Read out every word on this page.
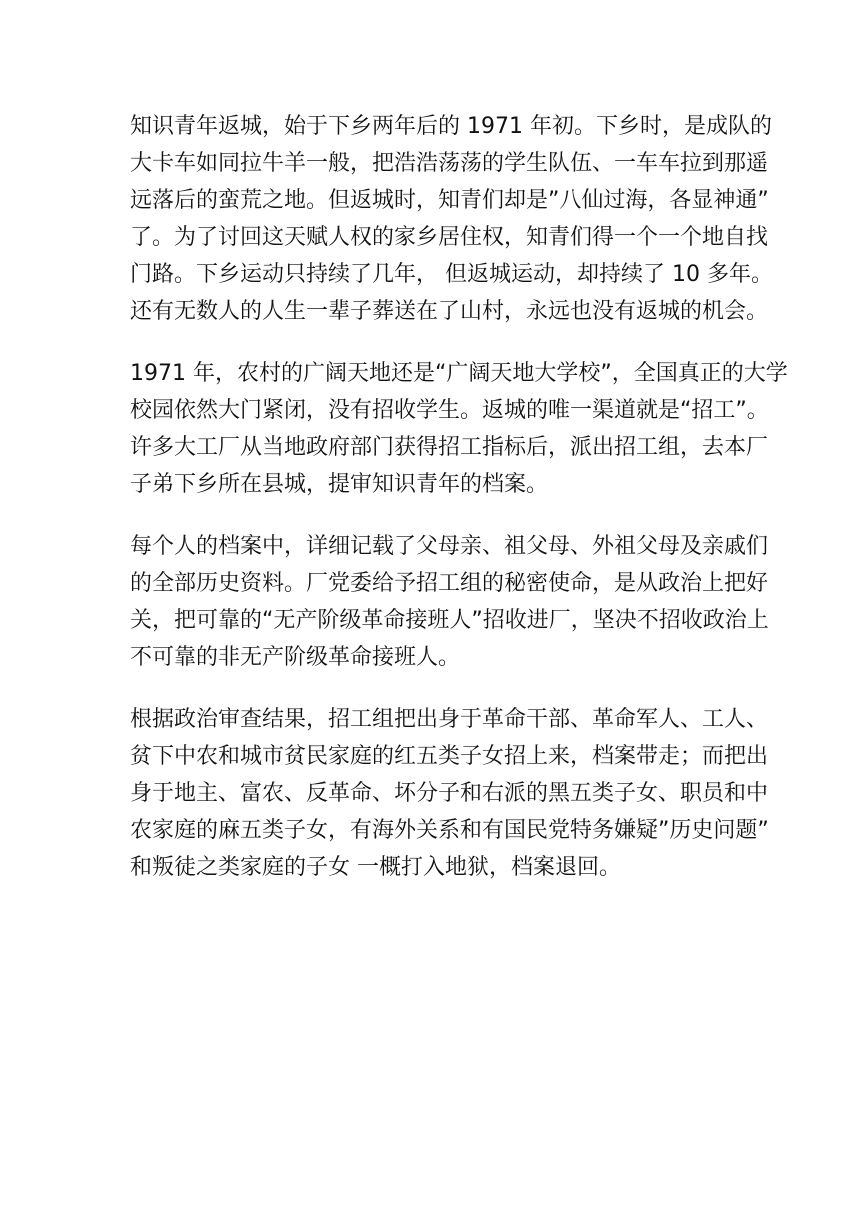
知识青年返城，始于下乡两年后的 1971 年初。下乡时，是成队的
大卡车如同拉牛羊一般，把浩浩荡荡的学生队伍、一车车拉到那遥
远落后的蛮荒之地。但返城时，知青们却是”八仙过海，各显神通”
了。为了讨回这天赋人权的家乡居住权，知青们得一个一个地自找
门路。下乡运动只持续了几年， 但返城运动，却持续了 10 多年。
还有无数人的人生一辈子葬送在了山村，永远也没有返城的机会。

1971 年，农村的广阔天地还是“广阔天地大学校”，全国真正的大学
校园依然大门紧闭，没有招收学生。返城的唯一渠道就是“招工”。
许多大工厂从当地政府部门获得招工指标后，派出招工组，去本厂
子弟下乡所在县城，提审知识青年的档案。

每个人的档案中，详细记载了父母亲、祖父母、外祖父母及亲戚们
的全部历史资料。厂党委给予招工组的秘密使命，是从政治上把好
关，把可靠的“无产阶级革命接班人”招收进厂，坚决不招收政治上
不可靠的非无产阶级革命接班人。

根据政治审查结果，招工组把出身于革命干部、革命军人、工人、
贫下中农和城市贫民家庭的红五类子女招上来，档案带走；而把出
身于地主、富农、反革命、坏分子和右派的黑五类子女、职员和中
农家庭的麻五类子女，有海外关系和有国民党特务嫌疑”历史问题”
和叛徒之类家庭的子女 一概打入地狱，档案退回。
